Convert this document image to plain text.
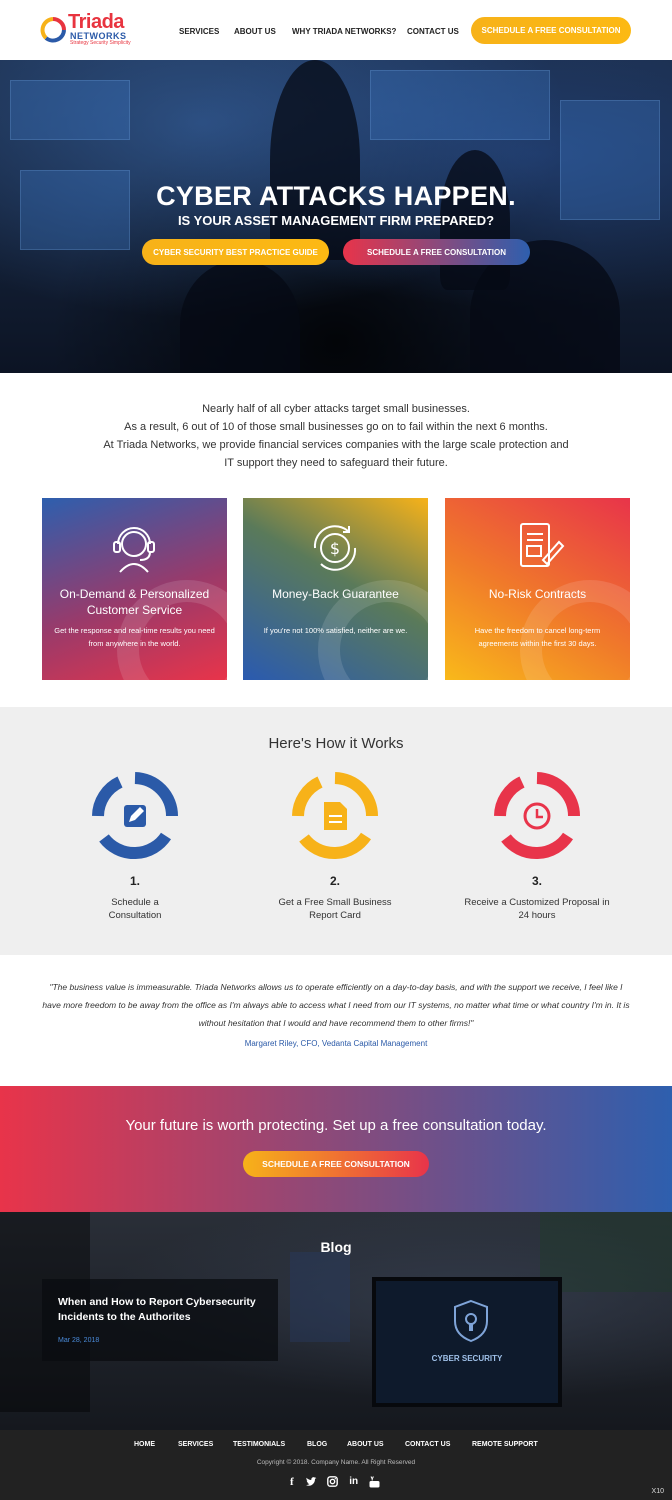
Triada
NETWORKS
Strategy Security Simplicity
SERVICES ABOUT US WHY TRIADA NETWORKS? CONTACT US	SCHEDULE A FREE CONSULTATION
CYBER ATTACKS HAPPEN.
IS YOUR ASSET MANAGEMENT FIRM PREPARED?
CYBER SECURITY BEST PRACTICE GUIDE	SCHEDULE A FREE CONSULTATION

Nearly half of all cyber attacks target small businesses.

As a result, 6 out of 10 of those small businesses go on to fail within the next 6 months.

At Triada Networks, we provide financial services companies with the large scale protection and

IT support they need to safeguard their future.

On-Demand & Personalized Customer Service
Get the response and real-time results you need from anywhere in the world.
$
Money-Back Guarantee
If you're not 100% satisfied, neither are we.
No-Risk Contracts
Have the freedom to cancel long-term agreements within the first 30 days.
Here's How it Works
1.
Schedule a Consultation
2.
Get a Free Small Business Report Card
3.
Receive a Customized Proposal in 24 hours
"The business value is immeasurable. Triada Networks allows us to operate efficiently on a day-to-day basis, and with the support we receive, I feel like I have more freedom to be away from the office as I'm always able to access what I need from our IT systems, no matter what time or what country I'm in. It is without hesitation that I would and have recommend them to other firms!"
Margaret Riley, CFO, Vedanta Capital Management
Your future is worth protecting. Set up a free consultation today.
SCHEDULE A FREE CONSULTATION
CYBER SECURITY
Blog
When and How to Report Cybersecurity Incidents to the Authorites
Mar 28, 2018
HOME	SERVICES	TESTIMONIALS	BLOG	ABOUT US	CONTACT US	REMOTE SUPPORT
Copyright © 2018. Company Name. All Right Reserved
f	in
X10
